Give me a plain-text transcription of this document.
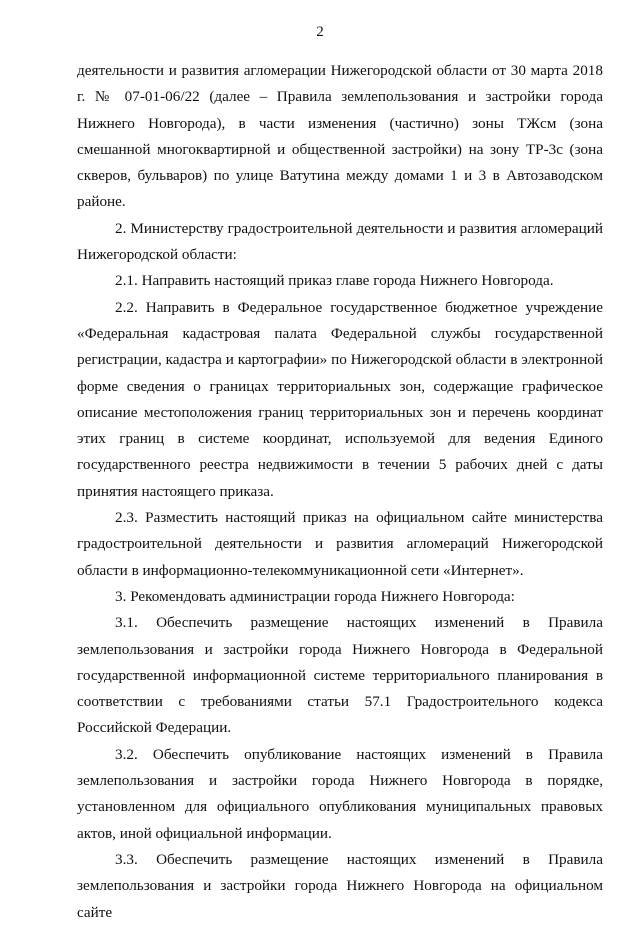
2

деятельности и развития агломерации Нижегородской области от 30 марта 2018 г. № 07-01-06/22 (далее – Правила землепользования и застройки города Нижнего Новгорода), в части изменения (частично) зоны ТЖсм (зона смешанной многоквартирной и общественной застройки) на зону ТР-3с (зона скверов, бульваров) по улице Ватутина между домами 1 и 3 в Автозаводском районе.

2. Министерству градостроительной деятельности и развития агломераций Нижегородской области:

2.1. Направить настоящий приказ главе города Нижнего Новгорода.

2.2. Направить в Федеральное государственное бюджетное учреждение «Федеральная кадастровая палата Федеральной службы государственной регистрации, кадастра и картографии» по Нижегородской области в электронной форме сведения о границах территориальных зон, содержащие графическое описание местоположения границ территориальных зон и перечень координат этих границ в системе координат, используемой для ведения Единого государственного реестра недвижимости в течении 5 рабочих дней с даты принятия настоящего приказа.

2.3. Разместить настоящий приказ на официальном сайте министерства градостроительной деятельности и развития агломераций Нижегородской области в информационно-телекоммуникационной сети «Интернет».

3. Рекомендовать администрации города Нижнего Новгорода:

3.1. Обеспечить размещение настоящих изменений в Правила землепользования и застройки города Нижнего Новгорода в Федеральной государственной информационной системе территориального планирования в соответствии с требованиями статьи 57.1 Градостроительного кодекса Российской Федерации.

3.2. Обеспечить опубликование настоящих изменений в Правила землепользования и застройки города Нижнего Новгорода в порядке, установленном для официального опубликования муниципальных правовых актов, иной официальной информации.

3.3. Обеспечить размещение настоящих изменений в Правила землепользования и застройки города Нижнего Новгорода на официальном сайте
